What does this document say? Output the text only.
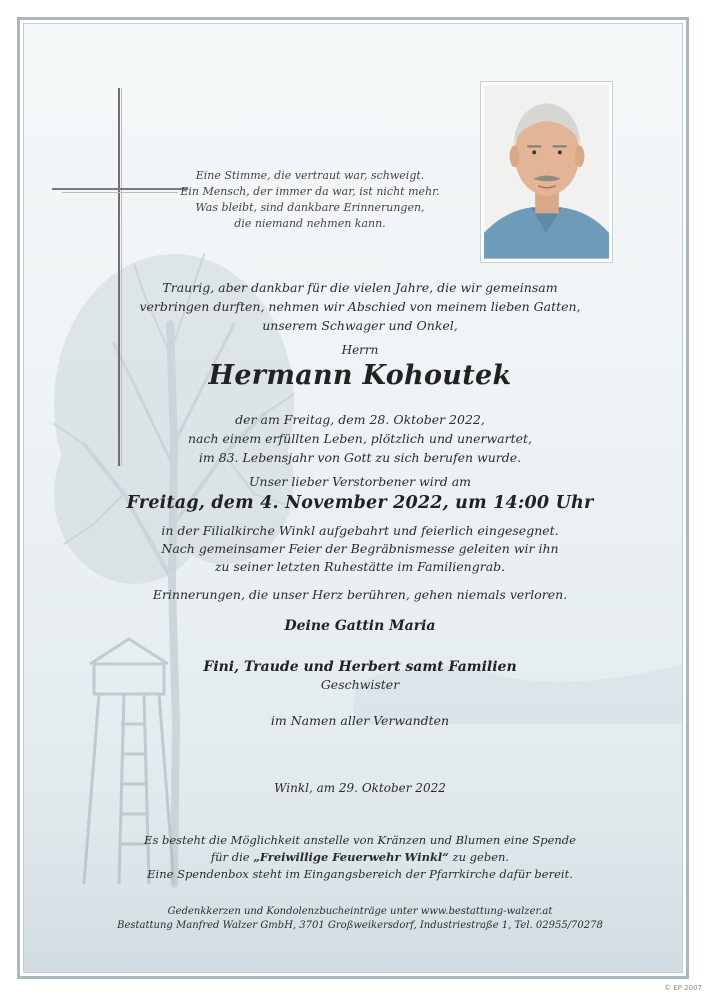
Eine Stimme, die vertraut war, schweigt.
Ein Mensch, der immer da war, ist nicht mehr.
Was bleibt, sind dankbare Erinnerungen,
die niemand nehmen kann.
Traurig, aber dankbar für die vielen Jahre, die wir gemeinsam
verbringen durften, nehmen wir Abschied von meinem lieben Gatten,
unserem Schwager und Onkel,
Herrn
Hermann Kohoutek
der am Freitag, dem 28. Oktober 2022,
nach einem erfüllten Leben, plötzlich und unerwartet,
im 83. Lebensjahr von Gott zu sich berufen wurde.
Unser lieber Verstorbener wird am
Freitag, dem 4. November 2022, um 14:00 Uhr
in der Filialkirche Winkl aufgebahrt und feierlich eingesegnet.
Nach gemeinsamer Feier der Begräbnismesse geleiten wir ihn
zu seiner letzten Ruhestätte im Familiengrab.
Erinnerungen, die unser Herz berühren, gehen niemals verloren.
Deine Gattin Maria
Fini, Traude und Herbert samt Familien
Geschwister
im Namen aller Verwandten
Winkl, am 29. Oktober 2022
Es besteht die Möglichkeit anstelle von Kränzen und Blumen eine Spende
für die „Freiwillige Feuerwehr Winkl“ zu geben.
Eine Spendenbox steht im Eingangsbereich der Pfarrkirche dafür bereit.
Gedenkkerzen und Kondolenzbucheinträge unter www.bestattung-walzer.at
Bestattung Manfred Walzer GmbH, 3701 Großweikersdorf, Industriestraße 1, Tel. 02955/70278
© EP 2007
